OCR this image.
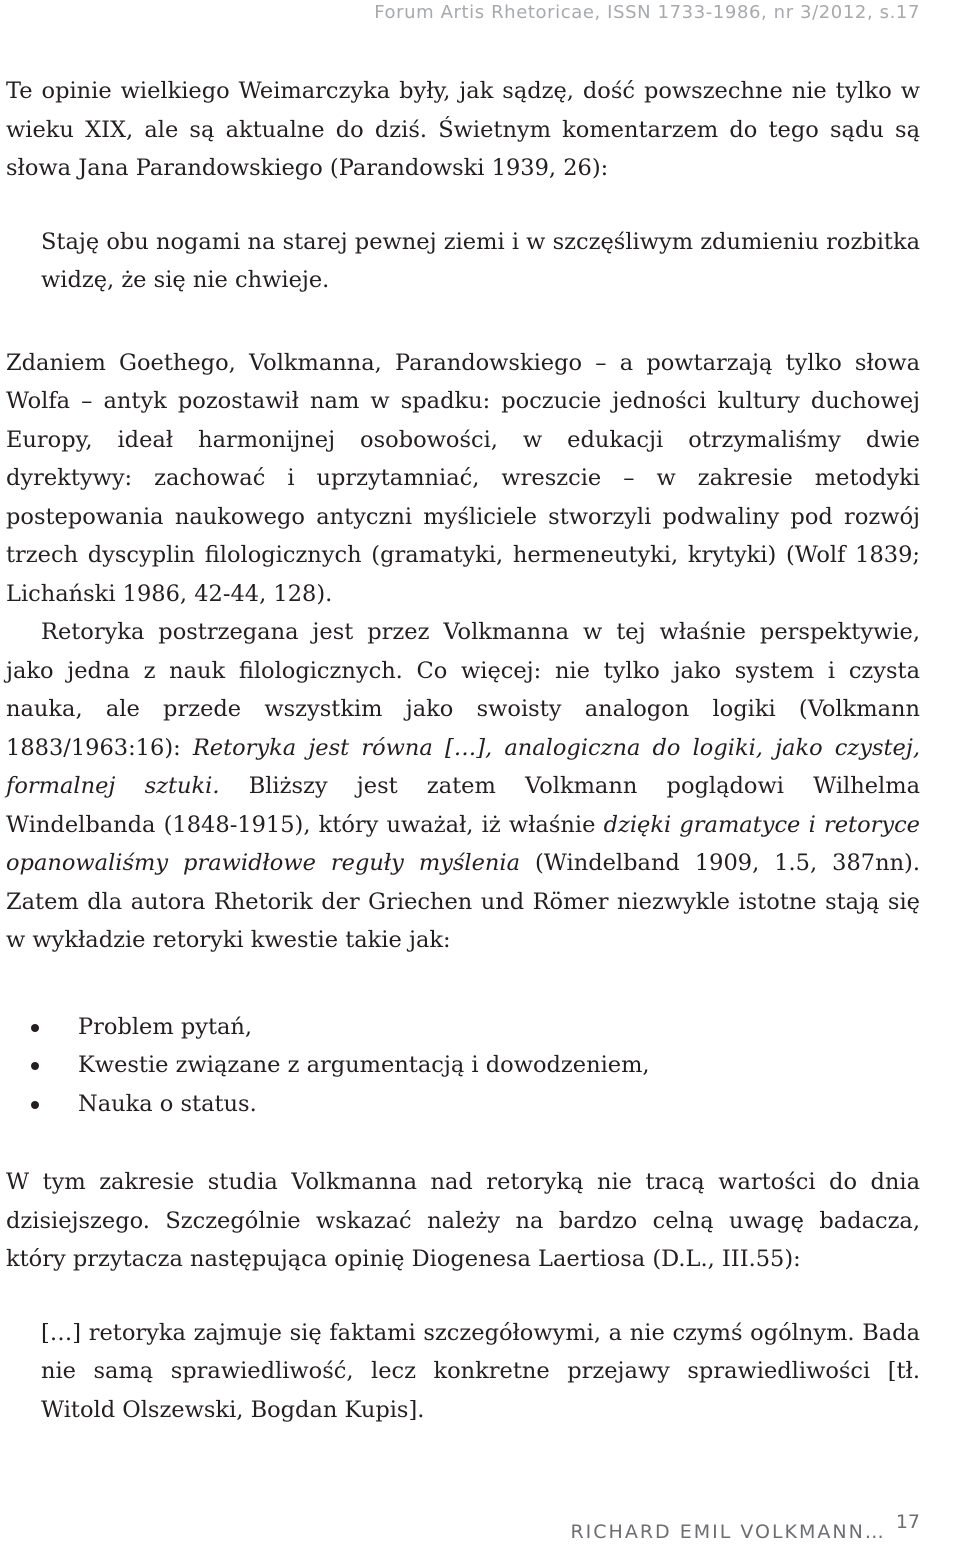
Forum Artis Rhetoricae, ISSN 1733-1986, nr 3/2012, s.17

Te opinie wielkiego Weimarczyka były, jak sądzę, dość powszechne nie tylko w wieku XIX, ale są aktualne do dziś. Świetnym komentarzem do tego sądu są słowa Jana Parandowskiego (Parandowski 1939, 26):

Staję obu nogami na starej pewnej ziemi i w szczęśliwym zdumieniu rozbitka widzę, że się nie chwieje.

Zdaniem Goethego, Volkmanna, Parandowskiego – a powtarzają tylko słowa Wolfa – antyk pozostawił nam w spadku: poczucie jedności kultury duchowej Europy, ideał harmonijnej osobowości, w edukacji otrzymaliśmy dwie dyrektywy: zachować i uprzytamniać, wreszcie – w zakresie metodyki postepowania naukowego antyczni myśliciele stworzyli podwaliny pod rozwój trzech dyscyplin filologicznych (gramatyki, hermeneutyki, krytyki) (Wolf 1839; Lichański 1986, 42-44, 128).

Retoryka postrzegana jest przez Volkmanna w tej właśnie perspektywie, jako jedna z nauk filologicznych. Co więcej: nie tylko jako system i czysta nauka, ale przede wszystkim jako swoisty analogon logiki (Volkmann 1883/1963:16): Retoryka jest równa […], analogiczna do logiki, jako czystej, formalnej sztuki. Bliższy jest zatem Volkmann poglądowi Wilhelma Windelbanda (1848-1915), który uważał, iż właśnie dzięki gramatyce i retoryce opanowaliśmy prawidłowe reguły myślenia (Windelband 1909, 1.5, 387nn). Zatem dla autora Rhetorik der Griechen und Römer niezwykle istotne stają się w wykładzie retoryki kwestie takie jak:

Problem pytań,
Kwestie związane z argumentacją i dowodzeniem,
Nauka o status.

W tym zakresie studia Volkmanna nad retoryką nie tracą wartości do dnia dzisiejszego. Szczególnie wskazać należy na bardzo celną uwagę badacza, który przytacza następująca opinię Diogenesa Laertiosa (D.L., III.55):

[…] retoryka zajmuje się faktami szczegółowymi, a nie czymś ogólnym. Bada nie samą sprawiedliwość, lecz konkretne przejawy sprawiedliwości [tł. Witold Olszewski, Bogdan Kupis].

RICHARD EMIL VOLKMANN… 17
